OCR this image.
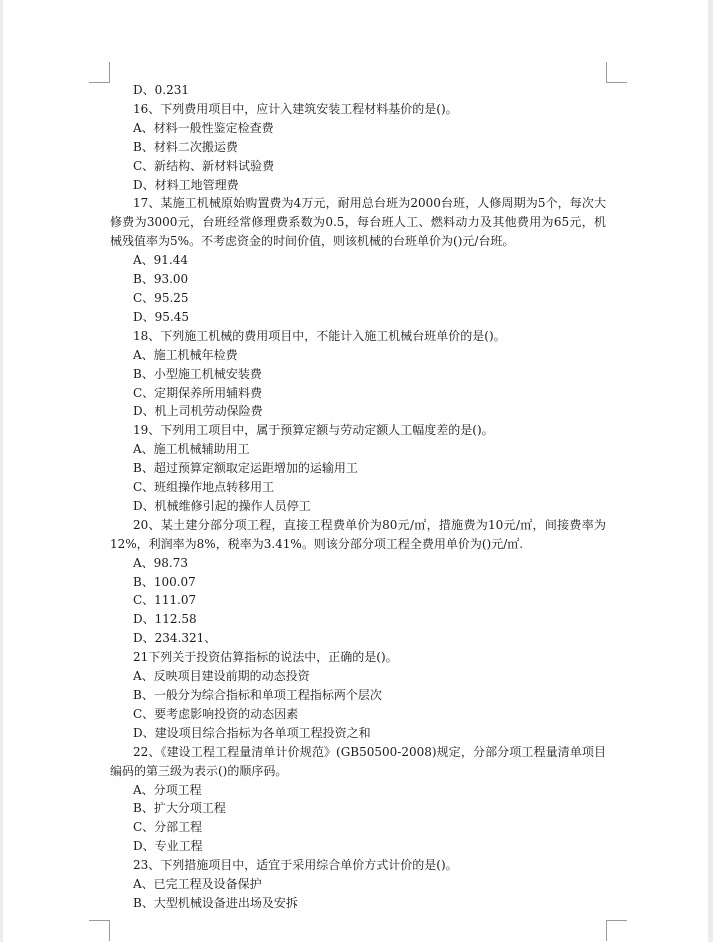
D、0.231
16、下列费用项目中，应计入建筑安装工程材料基价的是()。
A、材料一般性鉴定检查费
B、材料二次搬运费
C、新结构、新材料试验费
D、材料工地管理费
17、某施工机械原始购置费为4万元，耐用总台班为2000台班，人修周期为5个，每次大修费为3000元，台班经常修理费系数为0.5，每台班人工、燃料动力及其他费用为65元，机械残值率为5%。不考虑资金的时间价值，则该机械的台班单价为()元/台班。
A、91.44
B、93.00
C、95.25
D、95.45
18、下列施工机械的费用项目中，不能计入施工机械台班单价的是()。
A、施工机械年检费
B、小型施工机械安装费
C、定期保养所用辅料费
D、机上司机劳动保险费
19、下列用工项目中，属于预算定额与劳动定额人工幅度差的是()。
A、施工机械辅助用工
B、超过预算定额取定运距增加的运输用工
C、班组操作地点转移用工
D、机械维修引起的操作人员停工
20、某土建分部分项工程，直接工程费单价为80元/㎡，措施费为10元/㎡，间接费率为12%，利润率为8%，税率为3.41%。则该分部分项工程全费用单价为()元/㎡.
A、98.73
B、100.07
C、111.07
D、112.58
D、234.321、
21下列关于投资估算指标的说法中，正确的是()。
A、反映项目建设前期的动态投资
B、一般分为综合指标和单项工程指标两个层次
C、要考虑影响投资的动态因素
D、建设项目综合指标为各单项工程投资之和
22、《建设工程工程量清单计价规范》(GB50500-2008)规定，分部分项工程量清单项目编码的第三级为表示()的顺序码。
A、分项工程
B、扩大分项工程
C、分部工程
D、专业工程
23、下列措施项目中，适宜于采用综合单价方式计价的是()。
A、已完工程及设备保护
B、大型机械设备进出场及安拆
